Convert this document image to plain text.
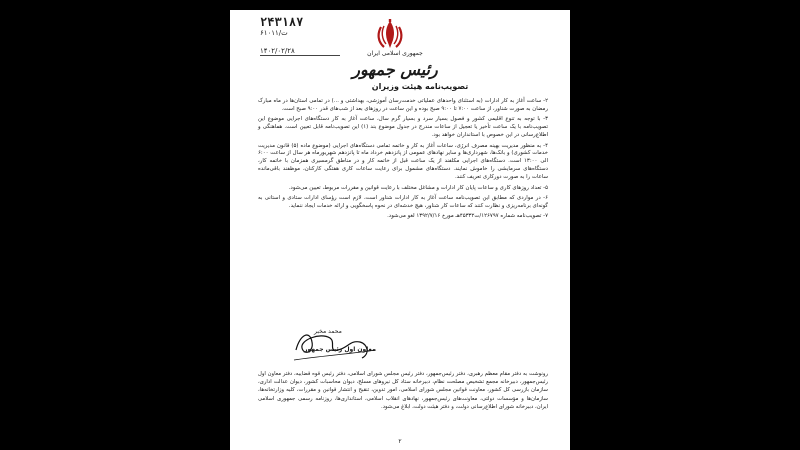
۲۴۳۱۸۷
۶۱۰۱۱/ت
۱۴۰۲/۰۲/۲۸	جمهوری اسلامی ایران
رئیس جمهور
تصویب‌نامه هیئت وزیران

۲- ساعت آغاز به کار ادارات (به استثنای واحدهای عملیاتی خدمت‌رسان آموزشی، بهداشتی و ...) در تمامی استان‌ها در ماه مبارک رمضان به صورت شناور، از ساعت ۷:۰۰ تا ۹:۰۰ صبح بوده و این ساعت در روزهای بعد از شب‌های قدر ۹:۰۰ صبح است.

۳- با توجه به تنوع اقلیمی کشور و فصول بسیار سرد و بسیار گرم سال، ساعت آغاز به کار دستگاه‌های اجرایی موضوع این تصویب‌نامه با یک ساعت تأخیر یا تعجیل از ساعات مندرج در جدول موضوع بند (۱) این تصویب‌نامه قابل تعیین است. هماهنگی و اطلاع‌رسانی در این خصوص با استانداران خواهد بود.

۴- به منظور مدیریت بهینه مصرف انرژی، ساعات آغاز به کار و خاتمه تمامی دستگاه‌های اجرایی (موضوع ماده (۵) قانون مدیریت خدمات کشوری) و بانک‌ها، شهرداری‌ها و سایر نهادهای عمومی از پانزدهم خرداد ماه تا پانزدهم شهریورماه هر سال از ساعت ۶:۰۰ الی ۱۳:۰۰ است. دستگاه‌های اجرایی مکلفند از یک ساعت قبل از خاتمه کار و در مناطق گرمسیری همزمان با خاتمه کار، دستگاه‌های سرمایشی را خاموش نمایند. دستگاه‌های مشمول برای رعایت ساعات کاری هفتگی کارکنان، موظفند باقی‌مانده ساعات را به صورت دورکاری تعریف کنند.

۵- تعداد روزهای کاری و ساعات پایان کار ادارات و مشاغل مختلف با رعایت قوانین و مقررات مربوط، تعیین می‌شود.

۶- در مواردی که مطابق این تصویب‌نامه ساعت آغاز به کار ادارات شناور است، لازم است رؤسای ادارات ستادی و استانی به گونه‌ای برنامه‌ریزی و نظارت کنند که ساعات کار شناور، هیچ خدشه‌ای در نحوه پاسخگویی و ارائه خدمات ایجاد ننماید.

۷- تصویب‌نامه شماره ۱۲۶۷۹۷/ت۴۵۳۳۲هـ مورخ ۱۳۹۲/۷/۱۶ لغو می‌شود.

محمد مخبر
معاون اول رئیس جمهور
رونوشت به دفتر مقام معظم رهبری، دفتر رئیس‌جمهور، دفتر رئیس مجلس شورای اسلامی، دفتر رئیس قوه قضاییه، دفتر معاون اول رئیس‌جمهور، دبیرخانه مجمع تشخیص مصلحت نظام، دبیرخانه ستاد کل نیروهای مسلح، دیوان محاسبات کشور، دیوان عدالت اداری، سازمان بازرسی کل کشور، معاونت قوانین مجلس شورای اسلامی، امور تدوین، تنقیح و انتشار قوانین و مقررات، کلیه وزارتخانه‌ها، سازمان‌ها و مؤسسات دولتی، معاونت‌های رئیس‌جمهور، نهادهای انقلاب اسلامی، استانداری‌ها، روزنامه رسمی جمهوری اسلامی ایران، دبیرخانه شورای اطلاع‌رسانی دولت، و دفتر هیئت دولت، ابلاغ می‌شود.
۲
